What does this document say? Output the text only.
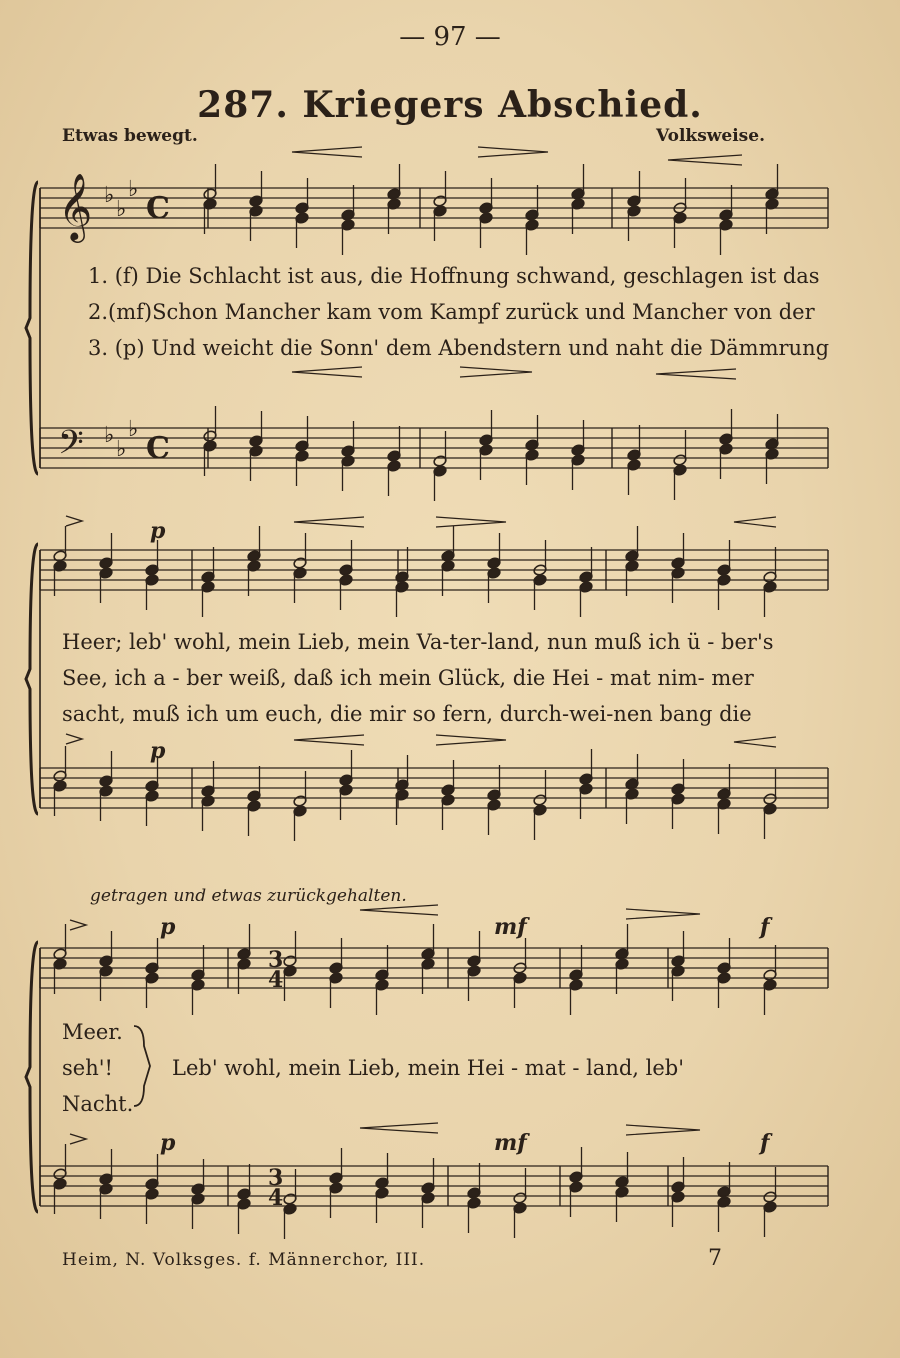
𝄞
𝄢
♭
♭
♭
C
♭
♭
♭
C
3
4
3
4
— 97 —
287. Kriegers Abschied.
Etwas bewegt.	Volksweise.
1. (f) Die Schlacht ist aus, die Hoffnung schwand, geschlagen ist das
2.(mf)Schon Mancher kam vom Kampf zurück und Mancher von der
3. (p) Und weicht die Sonn' dem Abendstern und naht die Dämmrung
p
Heer; leb' wohl, mein Lieb, mein Va-ter-land, nun muß ich ü - ber's
See, ich a - ber weiß, daß ich mein Glück, die Hei - mat nim- mer
sacht, muß ich um euch, die mir so fern, durch-wei-nen bang die
p
getragen und etwas zurückgehalten.
p	mf	f
Meer.
seh'!
Nacht.
Leb' wohl, mein Lieb, mein Hei - mat - land, leb'
p	mf	f
Heim, N. Volksges. f. Männerchor, III.	7
